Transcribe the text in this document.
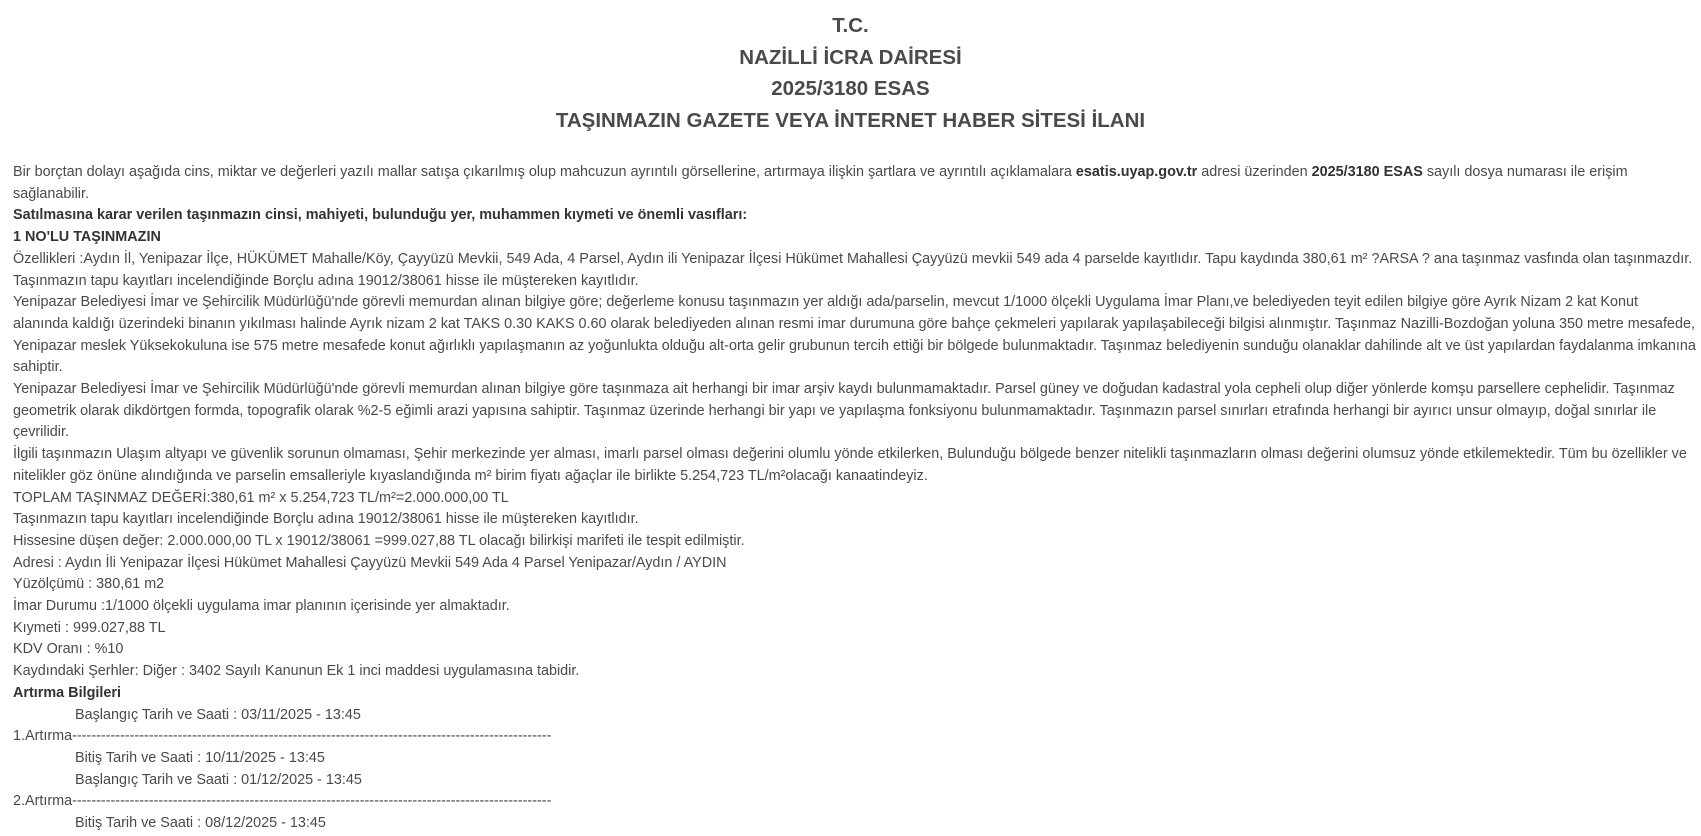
T.C.
NAZİLLİ İCRA DAİRESİ
2025/3180 ESAS
TAŞINMAZIN GAZETE VEYA İNTERNET HABER SİTESİ İLANI

Bir borçtan dolayı aşağıda cins, miktar ve değerleri yazılı mallar satışa çıkarılmış olup mahcuzun ayrıntılı görsellerine, artırmaya ilişkin şartlara ve ayrıntılı açıklamalara esatis.uyap.gov.tr adresi üzerinden 2025/3180 ESAS sayılı dosya numarası ile erişim sağlanabilir.

Satılmasına karar verilen taşınmazın cinsi, mahiyeti, bulunduğu yer, muhammen kıymeti ve önemli vasıfları:

1 NO'LU TAŞINMAZIN

Özellikleri :Aydın İl, Yenipazar İlçe, HÜKÜMET Mahalle/Köy, Çayyüzü Mevkii, 549 Ada, 4 Parsel, Aydın ili Yenipazar İlçesi Hükümet Mahallesi Çayyüzü mevkii 549 ada 4 parselde kayıtlıdır. Tapu kaydında 380,61 m² ?ARSA ? ana taşınmaz vasfında olan taşınmazdır. Taşınmazın tapu kayıtları incelendiğinde Borçlu adına 19012/38061 hisse ile müştereken kayıtlıdır.

Yenipazar Belediyesi İmar ve Şehircilik Müdürlüğü'nde görevli memurdan alınan bilgiye göre; değerleme konusu taşınmazın yer aldığı ada/parselin, mevcut 1/1000 ölçekli Uygulama İmar Planı,ve belediyeden teyit edilen bilgiye göre Ayrık Nizam 2 kat Konut alanında kaldığı üzerindeki binanın yıkılması halinde Ayrık nizam 2 kat TAKS 0.30 KAKS 0.60 olarak belediyeden alınan resmi imar durumuna göre bahçe çekmeleri yapılarak yapılaşabileceği bilgisi alınmıştır. Taşınmaz Nazilli-Bozdoğan yoluna 350 metre mesafede, Yenipazar meslek Yüksekokuluna ise 575 metre mesafede konut ağırlıklı yapılaşmanın az yoğunlukta olduğu alt-orta gelir grubunun tercih ettiği bir bölgede bulunmaktadır. Taşınmaz belediyenin sunduğu olanaklar dahilinde alt ve üst yapılardan faydalanma imkanına sahiptir.

Yenipazar Belediyesi İmar ve Şehircilik Müdürlüğü'nde görevli memurdan alınan bilgiye göre taşınmaza ait herhangi bir imar arşiv kaydı bulunmamaktadır. Parsel güney ve doğudan kadastral yola cepheli olup diğer yönlerde komşu parsellere cephelidir. Taşınmaz geometrik olarak dikdörtgen formda, topografik olarak %2-5 eğimli arazi yapısına sahiptir. Taşınmaz üzerinde herhangi bir yapı ve yapılaşma fonksiyonu bulunmamaktadır. Taşınmazın parsel sınırları etrafında herhangi bir ayırıcı unsur olmayıp, doğal sınırlar ile çevrilidir.

İlgili taşınmazın Ulaşım altyapı ve güvenlik sorunun olmaması, Şehir merkezinde yer alması, imarlı parsel olması değerini olumlu yönde etkilerken, Bulunduğu bölgede benzer nitelikli taşınmazların olması değerini olumsuz yönde etkilemektedir. Tüm bu özellikler ve nitelikler göz önüne alındığında ve parselin emsalleriyle kıyaslandığında m² birim fiyatı ağaçlar ile birlikte 5.254,723 TL/m²olacağı kanaatindeyiz.

TOPLAM TAŞINMAZ DEĞERİ:380,61 m² x 5.254,723 TL/m²=2.000.000,00 TL

Taşınmazın tapu kayıtları incelendiğinde Borçlu adına 19012/38061 hisse ile müştereken kayıtlıdır.

Hissesine düşen değer: 2.000.000,00 TL x 19012/38061 =999.027,88 TL olacağı bilirkişi marifeti ile tespit edilmiştir.

Adresi : Aydın İli Yenipazar İlçesi Hükümet Mahallesi Çayyüzü Mevkii 549 Ada 4 Parsel Yenipazar/Aydın / AYDIN

Yüzölçümü : 380,61 m2

İmar Durumu :1/1000 ölçekli uygulama imar planının içerisinde yer almaktadır.

Kıymeti : 999.027,88 TL

KDV Oranı : %10

Kaydındaki Şerhler: Diğer : 3402 Sayılı Kanunun Ek 1 inci maddesi uygulamasına tabidir.

Artırma Bilgileri

Başlangıç Tarih ve Saati : 03/11/2025 - 13:45

1.Artırma----------------------------------------------------------------------------------------------------

Bitiş Tarih ve Saati : 10/11/2025 - 13:45

Başlangıç Tarih ve Saati : 01/12/2025 - 13:45

2.Artırma----------------------------------------------------------------------------------------------------

Bitiş Tarih ve Saati : 08/12/2025 - 13:45
